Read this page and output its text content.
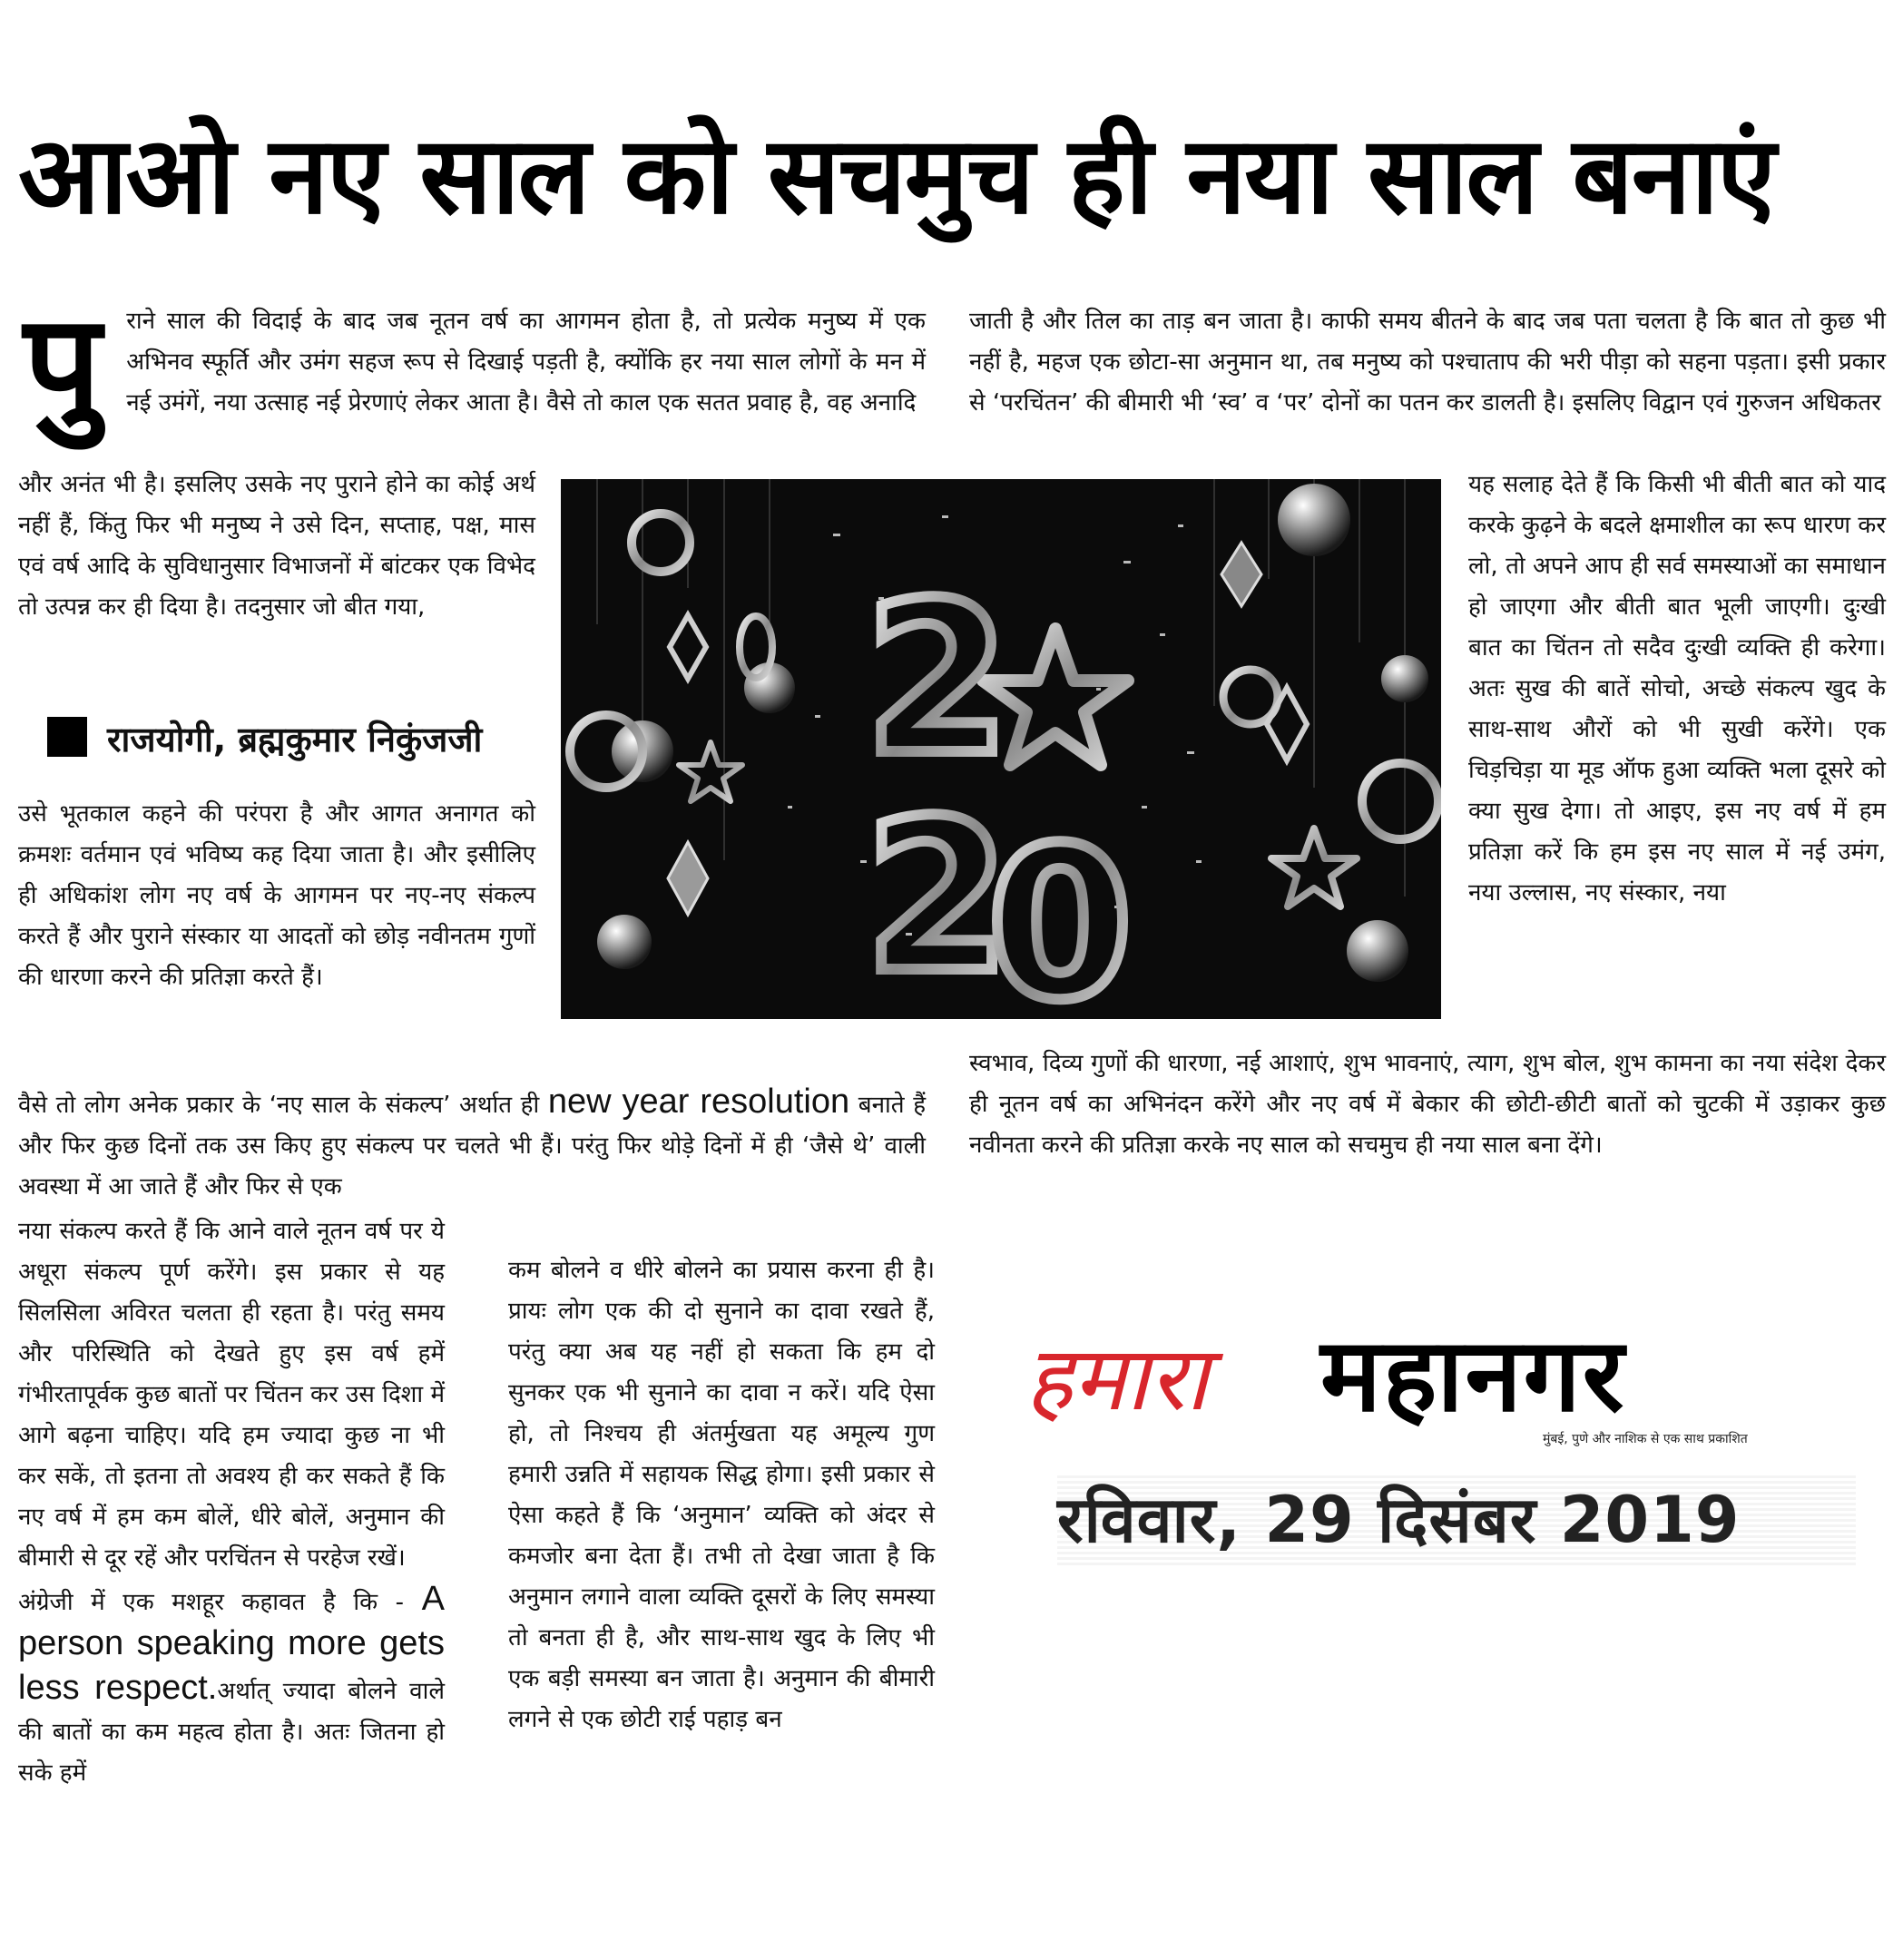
आओ नए साल को सचमुच ही नया साल बनाएं
पु राने साल की विदाई के बाद जब नूतन वर्ष का आगमन होता है, तो प्रत्येक मनुष्य में एक अभिनव स्फूर्ति और उमंग सहज रूप से दिखाई पड़ती है, क्योंकि हर नया साल लोगों के मन में नई उमंगें, नया उत्साह नई प्रेरणाएं लेकर आता है। वैसे तो काल एक सतत प्रवाह है, वह अनादि

और अनंत भी है। इसलिए उसके नए पुराने होने का कोई अर्थ नहीं हैं, किंतु फिर भी मनुष्य ने उसे दिन, सप्ताह, पक्ष, मास एवं वर्ष आदि के सुविधानुसार विभाजनों में बांटकर एक विभेद तो उत्पन्न कर ही दिया है। तदनुसार जो बीत गया,

राजयोगी, ब्रह्मकुमार निकुंजजी

उसे भूतकाल कहने की परंपरा है और आगत अनागत को क्रमशः वर्तमान एवं भविष्य कह दिया जाता है। और इसीलिए ही अधिकांश लोग नए वर्ष के आगमन पर नए-नए संकल्प करते हैं और पुराने संस्कार या आदतों को छोड़ नवीनतम गुणों की धारणा करने की प्रतिज्ञा करते हैं।

वैसे तो लोग अनेक प्रकार के ‘नए साल के संकल्प’ अर्थात ही new year resolution बनाते हैं और फिर कुछ दिनों तक उस किए हुए संकल्प पर चलते भी हैं। परंतु फिर थोड़े दिनों में ही ‘जैसे थे’ वाली अवस्था में आ जाते हैं और फिर से एक

नया संकल्प करते हैं कि आने वाले नूतन वर्ष पर ये अधूरा संकल्प पूर्ण करेंगे। इस प्रकार से यह सिलसिला अविरत चलता ही रहता है। परंतु समय और परिस्थिति को देखते हुए इस वर्ष हमें गंभीरतापूर्वक कुछ बातों पर चिंतन कर उस दिशा में आगे बढ़ना चाहिए। यदि हम ज्यादा कुछ ना भी कर सकें, तो इतना तो अवश्य ही कर सकते हैं कि नए वर्ष में हम कम बोलें, धीरे बोलें, अनुमान की बीमारी से दूर रहें और परचिंतन से परहेज रखें।

अंग्रेजी में एक मशहूर कहावत है कि - A person speaking more gets less respect.अर्थात् ज्यादा बोलने वाले की बातों का कम महत्व होता है। अतः जितना हो सके हमें

कम बोलने व धीरे बोलने का प्रयास करना ही है। प्रायः लोग एक की दो सुनाने का दावा रखते हैं, परंतु क्या अब यह नहीं हो सकता कि हम दो सुनकर एक भी सुनाने का दावा न करें। यदि ऐसा हो, तो निश्चय ही अंतर्मुखता यह अमूल्य गुण हमारी उन्नति में सहायक सिद्ध होगा। इसी प्रकार से ऐसा कहते हैं कि ‘अनुमान’ व्यक्ति को अंदर से कमजोर बना देता हैं। तभी तो देखा जाता है कि अनुमान लगाने वाला व्यक्ति दूसरों के लिए समस्या तो बनता ही है, और साथ-साथ खुद के लिए भी एक बड़ी समस्या बन जाता है। अनुमान की बीमारी लगने से एक छोटी राई पहाड़ बन

जाती है और तिल का ताड़ बन जाता है। काफी समय बीतने के बाद जब पता चलता है कि बात तो कुछ भी नहीं है, महज एक छोटा-सा अनुमान था, तब मनुष्य को पश्चाताप की भरी पीड़ा को सहना पड़ता। इसी प्रकार से ‘परचिंतन’ की बीमारी भी ‘स्व’ व ‘पर’ दोनों का पतन कर डालती है। इसलिए विद्वान एवं गुरुजन अधिकतर

यह सलाह देते हैं कि किसी भी बीती बात को याद करके कुढ़ने के बदले क्षमाशील का रूप धारण कर लो, तो अपने आप ही सर्व समस्याओं का समाधान हो जाएगा और बीती बात भूली जाएगी। दुःखी बात का चिंतन तो सदैव दुःखी व्यक्ति ही करेगा। अतः सुख की बातें सोचो, अच्छे संकल्प खुद के साथ-साथ औरों को भी सुखी करेंगे। एक चिड़चिड़ा या मूड ऑफ हुआ व्यक्ति भला दूसरे को क्या सुख देगा। तो आइए, इस नए वर्ष में हम प्रतिज्ञा करें कि हम इस नए साल में नई उमंग, नया उल्लास, नए संस्कार, नया

स्वभाव, दिव्य गुणों की धारणा, नई आशाएं, शुभ भावनाएं, त्याग, शुभ बोल, शुभ कामना का नया संदेश देकर ही नूतन वर्ष का अभिनंदन करेंगे और नए वर्ष में बेकार की छोटी-छीटी बातों को चुटकी में उड़ाकर कुछ नवीनता करने की प्रतिज्ञा करके नए साल को सचमुच ही नया साल बना देंगे।

2
2
0
हमारा महानगर
मुंबई, पुणे और नाशिक से एक साथ प्रकाशित
रविवार, 29 दिसंबर 2019
